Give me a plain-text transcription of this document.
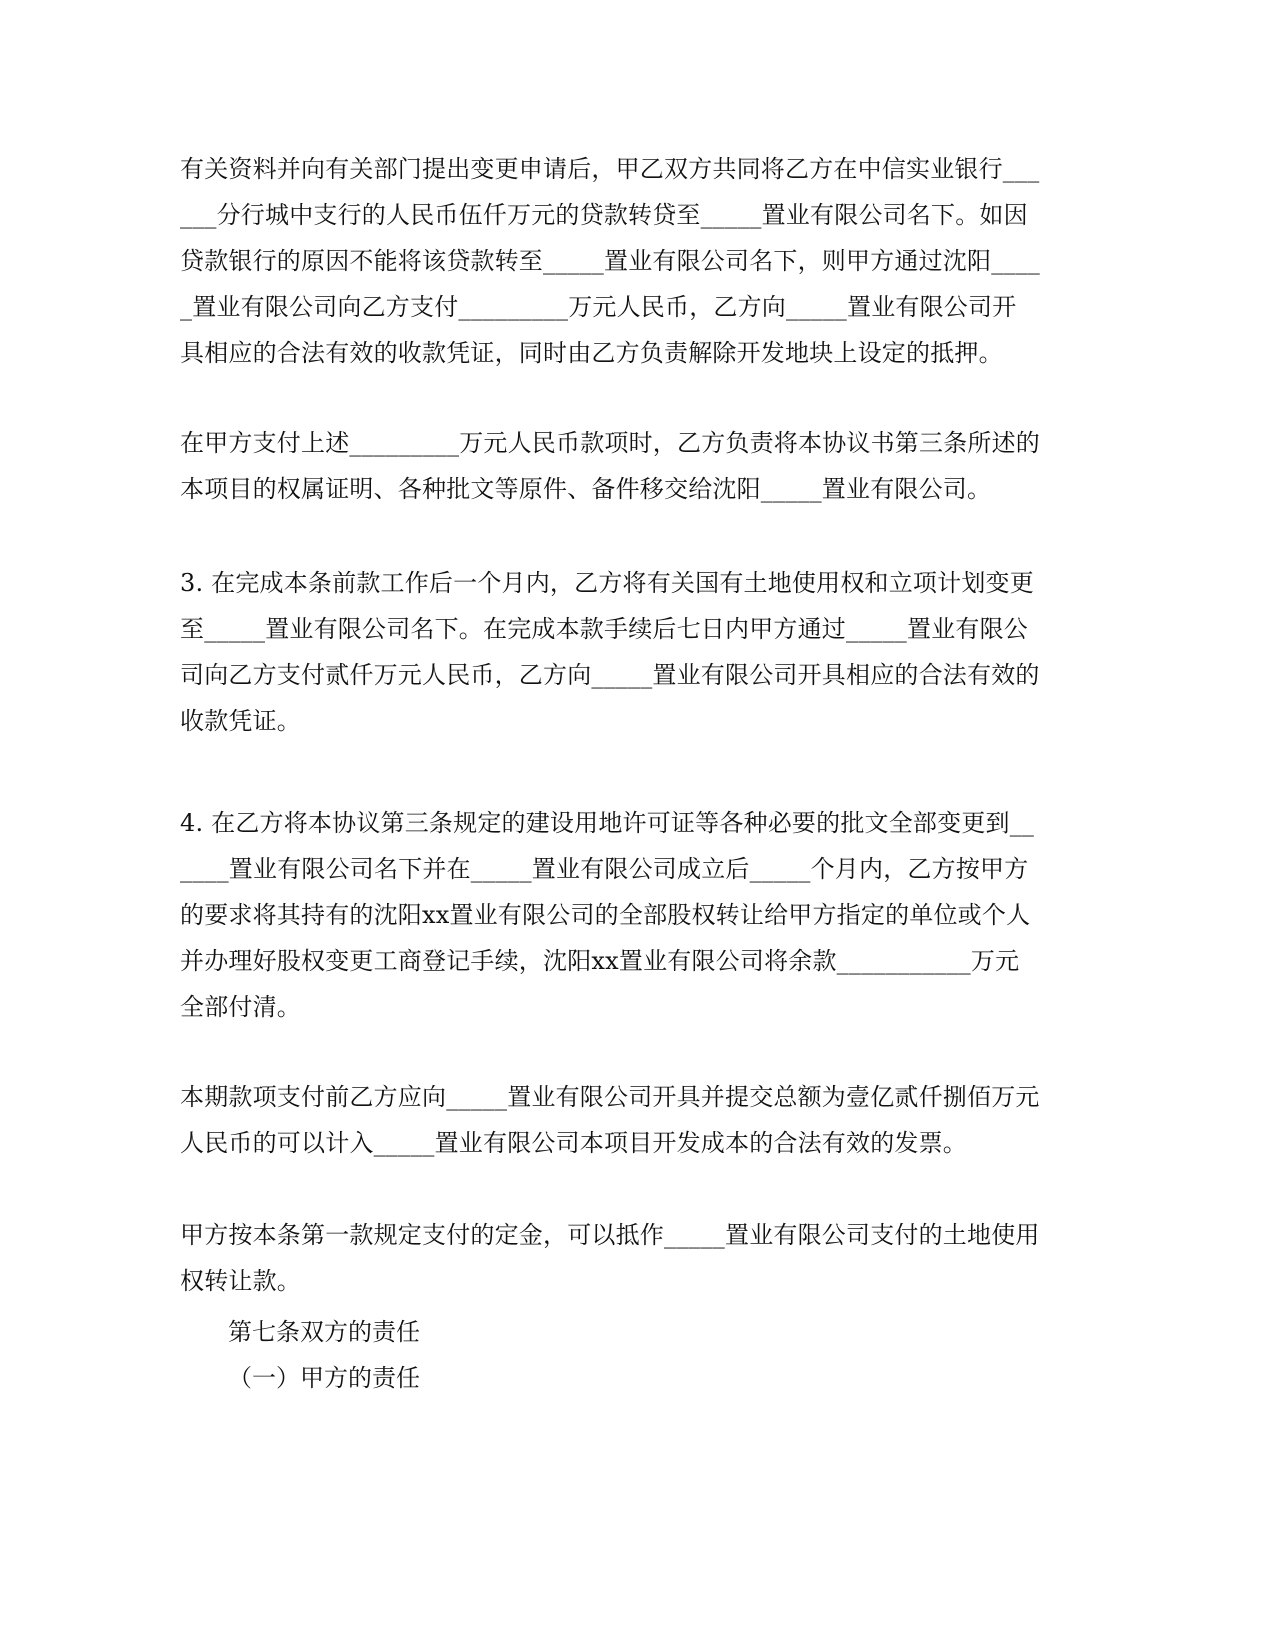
有关资料并向有关部门提出变更申请后，甲乙双方共同将乙方在中信实业银行______分行城中支行的人民币伍仟万元的贷款转贷至_____置业有限公司名下。如因贷款银行的原因不能将该贷款转至_____置业有限公司名下，则甲方通过沈阳_____置业有限公司向乙方支付_________万元人民币，乙方向_____置业有限公司开具相应的合法有效的收款凭证，同时由乙方负责解除开发地块上设定的抵押。

在甲方支付上述_________万元人民币款项时，乙方负责将本协议书第三条所述的本项目的权属证明、各种批文等原件、备件移交给沈阳_____置业有限公司。

3. 在完成本条前款工作后一个月内，乙方将有关国有土地使用权和立项计划变更至_____置业有限公司名下。在完成本款手续后七日内甲方通过_____置业有限公司向乙方支付贰仟万元人民币，乙方向_____置业有限公司开具相应的合法有效的收款凭证。

4. 在乙方将本协议第三条规定的建设用地许可证等各种必要的批文全部变更到______置业有限公司名下并在_____置业有限公司成立后_____个月内，乙方按甲方的要求将其持有的沈阳xx置业有限公司的全部股权转让给甲方指定的单位或个人并办理好股权变更工商登记手续，沈阳xx置业有限公司将余款___________万元全部付清。

本期款项支付前乙方应向_____置业有限公司开具并提交总额为壹亿贰仟捌佰万元人民币的可以计入_____置业有限公司本项目开发成本的合法有效的发票。

甲方按本条第一款规定支付的定金，可以抵作_____置业有限公司支付的土地使用权转让款。

第七条双方的责任
（一）甲方的责任
